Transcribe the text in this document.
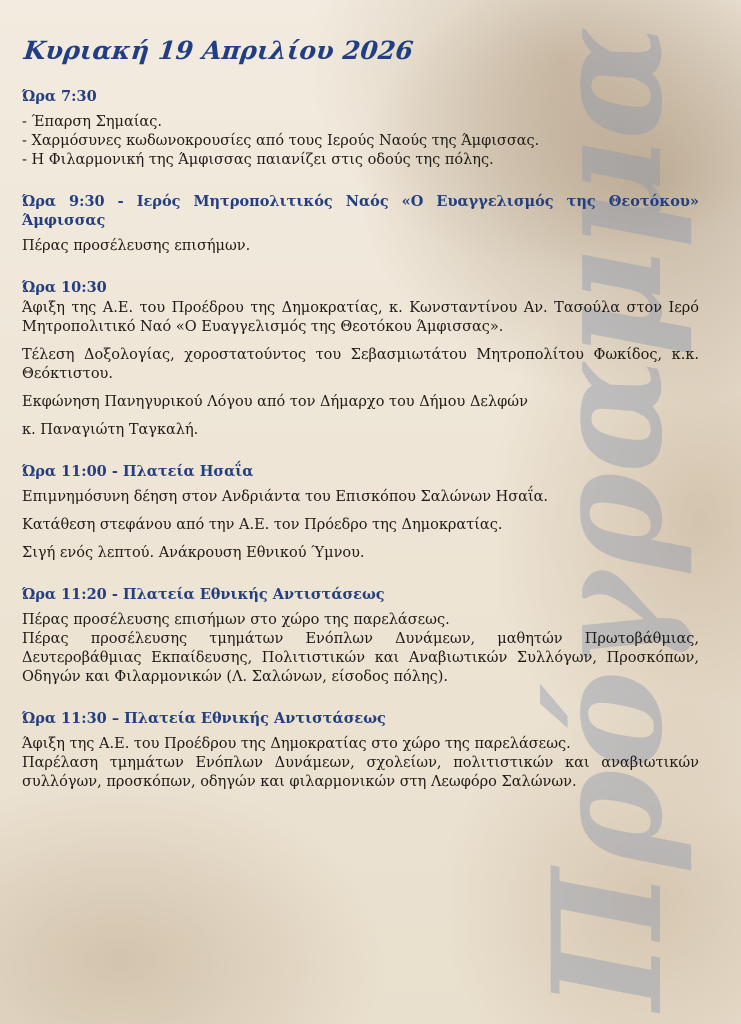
Πρόγραμμα
Κυριακή 19 Απριλίου 2026
Ώρα 7:30

- Έπαρση Σημαίας.

- Χαρμόσυνες κωδωνοκρουσίες από τους Ιερούς Ναούς της Άμφισσας.

- Η Φιλαρμονική της Άμφισσας παιανίζει στις οδούς της πόλης.

Ώρα 9:30 - Ιερός Μητροπολιτικός Ναός «Ο Ευαγγελισμός της Θεοτόκου» Άμφισσας

Πέρας προσέλευσης επισήμων.

Ώρα 10:30

Άφιξη της Α.Ε. του Προέδρου της Δημοκρατίας, κ. Κωνσταντίνου Αν. Τασούλα στον Ιερό Μητροπολιτικό Ναό «Ο Ευαγγελισμός της Θεοτόκου Άμφισσας».

Τέλεση Δοξολογίας, χοροστατούντος του Σεβασμιωτάτου Μητροπολίτου Φωκίδος, κ.κ. Θεόκτιστου.

Εκφώνηση Πανηγυρικού Λόγου από τον Δήμαρχο του Δήμου Δελφών

κ. Παναγιώτη Ταγκαλή.

Ώρα 11:00 - Πλατεία Ησαΐα

Επιμνημόσυνη δέηση στον Ανδριάντα του Επισκόπου Σαλώνων Ησαΐα.

Κατάθεση στεφάνου από την Α.Ε. τον Πρόεδρο της Δημοκρατίας.

Σιγή ενός λεπτού. Ανάκρουση Εθνικού Ύμνου.

Ώρα 11:20 - Πλατεία Εθνικής Αντιστάσεως

Πέρας προσέλευσης επισήμων στο χώρο της παρελάσεως.

Πέρας προσέλευσης τμημάτων Ενόπλων Δυνάμεων, μαθητών Πρωτοβάθμιας, Δευτεροβάθμιας Εκπαίδευσης, Πολιτιστικών και Αναβιωτικών Συλλόγων, Προσκόπων, Οδηγών και Φιλαρμονικών (Λ. Σαλώνων, είσοδος πόλης).

Ώρα 11:30 – Πλατεία Εθνικής Αντιστάσεως

Άφιξη της Α.Ε. του Προέδρου της Δημοκρατίας στο χώρο της παρελάσεως.

Παρέλαση τμημάτων Ενόπλων Δυνάμεων, σχολείων, πολιτιστικών και αναβιωτικών συλλόγων, προσκόπων, οδηγών και φιλαρμονικών στη Λεωφόρο Σαλώνων.
